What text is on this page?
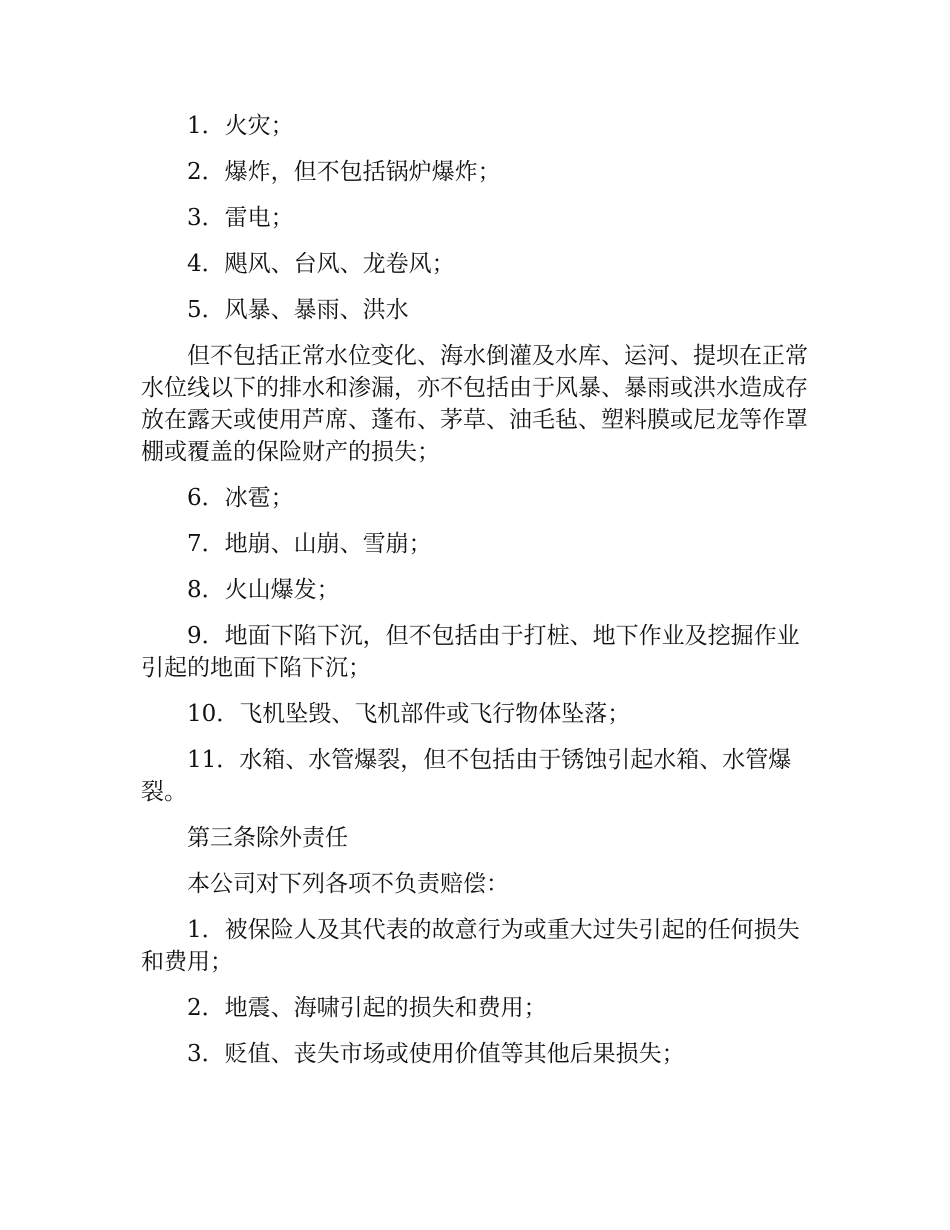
1．火灾；

2．爆炸，但不包括锅炉爆炸；

3．雷电；

4．飓风、台风、龙卷风；

5．风暴、暴雨、洪水

但不包括正常水位变化、海水倒灌及水库、运河、提坝在正常水位线以下的排水和渗漏，亦不包括由于风暴、暴雨或洪水造成存放在露天或使用芦席、蓬布、茅草、油毛毡、塑料膜或尼龙等作罩棚或覆盖的保险财产的损失；

6．冰雹；

7．地崩、山崩、雪崩；

8．火山爆发；

9．地面下陷下沉，但不包括由于打桩、地下作业及挖掘作业引起的地面下陷下沉；

10．飞机坠毁、飞机部件或飞行物体坠落；

11．水箱、水管爆裂，但不包括由于锈蚀引起水箱、水管爆裂。

第三条除外责任

本公司对下列各项不负责赔偿：

1．被保险人及其代表的故意行为或重大过失引起的任何损失和费用；

2．地震、海啸引起的损失和费用；

3．贬值、丧失市场或使用价值等其他后果损失；
